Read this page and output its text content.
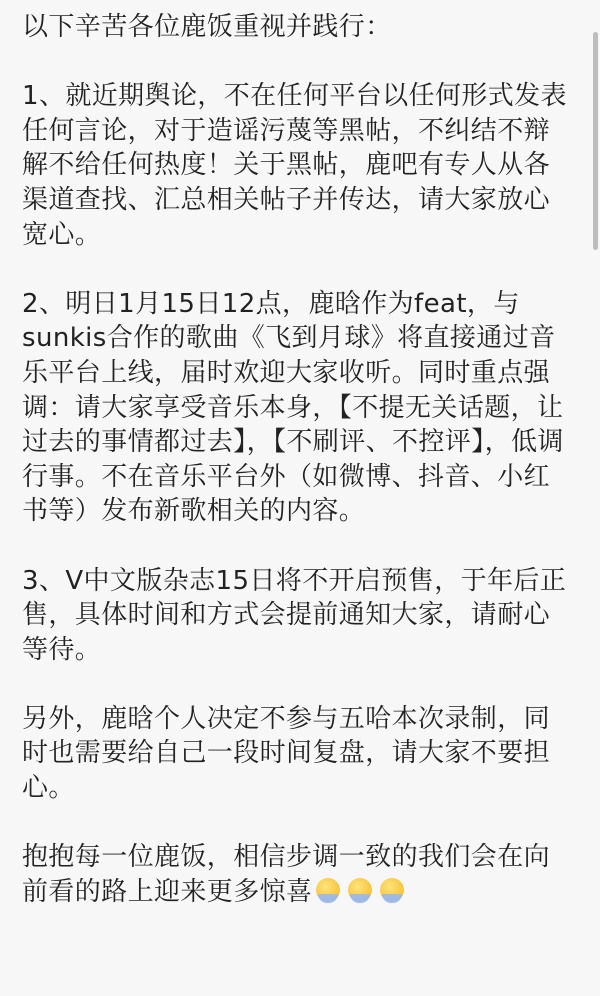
以下辛苦各位鹿饭重视并践行：

1、就近期舆论，不在任何平台以任何形式发表任何言论，对于造谣污蔑等黑帖，不纠结不辩解不给任何热度！关于黑帖，鹿吧有专人从各渠道查找、汇总相关帖子并传达，请大家放心宽心。

2、明日1月15日12点，鹿晗作为feat，与sunkis合作的歌曲《飞到月球》将直接通过音乐平台上线，届时欢迎大家收听。同时重点强调：请大家享受音乐本身，【不提无关话题，让过去的事情都过去】，【不刷评、不控评】，低调行事。不在音乐平台外（如微博、抖音、小红书等）发布新歌相关的内容。

3、V中文版杂志15日将不开启预售，于年后正售，具体时间和方式会提前通知大家，请耐心等待。

另外，鹿晗个人决定不参与五哈本次录制，同时也需要给自己一段时间复盘，请大家不要担心。

抱抱每一位鹿饭，相信步调一致的我们会在向前看的路上迎来更多惊喜
